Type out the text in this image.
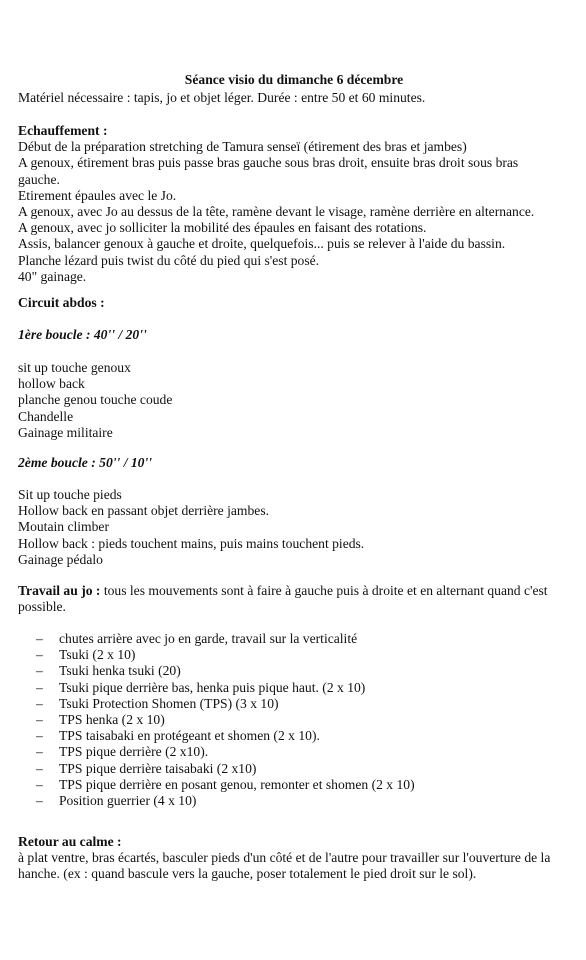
Séance visio du dimanche 6 décembre

Matériel nécessaire : tapis, jo et objet léger. Durée : entre 50 et 60 minutes.

Echauffement :

Début de la préparation stretching de Tamura senseï (étirement des bras et jambes)

A genoux, étirement bras puis passe bras gauche sous bras droit, ensuite bras droit sous bras

gauche.

Etirement épaules avec le Jo.

A genoux, avec Jo au dessus de la tête, ramène devant le visage, ramène derrière en alternance.

A genoux, avec jo solliciter la mobilité des épaules en faisant des rotations.

Assis, balancer genoux à gauche et droite, quelquefois... puis se relever à l'aide du bassin.

Planche lézard puis twist du côté du pied qui s'est posé.

40" gainage.

Circuit abdos :

1ère boucle : 40'' / 20''

sit up touche genoux

hollow back

planche genou touche coude

Chandelle

Gainage militaire

2ème boucle : 50'' / 10''

Sit up touche pieds

Hollow back en passant objet derrière jambes.

Moutain climber

Hollow back : pieds touchent mains, puis mains touchent pieds.

Gainage pédalo

Travail au jo : tous les mouvements sont à faire à gauche puis à droite et en alternant quand c'est

possible.

– chutes arrière avec jo en garde, travail sur la verticalité
– Tsuki (2 x 10)
– Tsuki henka tsuki (20)
– Tsuki pique derrière bas, henka puis pique haut. (2 x 10)
– Tsuki Protection Shomen (TPS) (3 x 10)
– TPS henka (2 x 10)
– TPS taisabaki en protégeant et shomen (2 x 10).
– TPS pique derrière (2 x10).
– TPS pique derrière taisabaki (2 x10)
– TPS pique derrière en posant genou, remonter et shomen (2 x 10)
– Position guerrier (4 x 10)

Retour au calme :

à plat ventre, bras écartés, basculer pieds d'un côté et de l'autre pour travailler sur l'ouverture de la

hanche. (ex : quand bascule vers la gauche, poser totalement le pied droit sur le sol).
